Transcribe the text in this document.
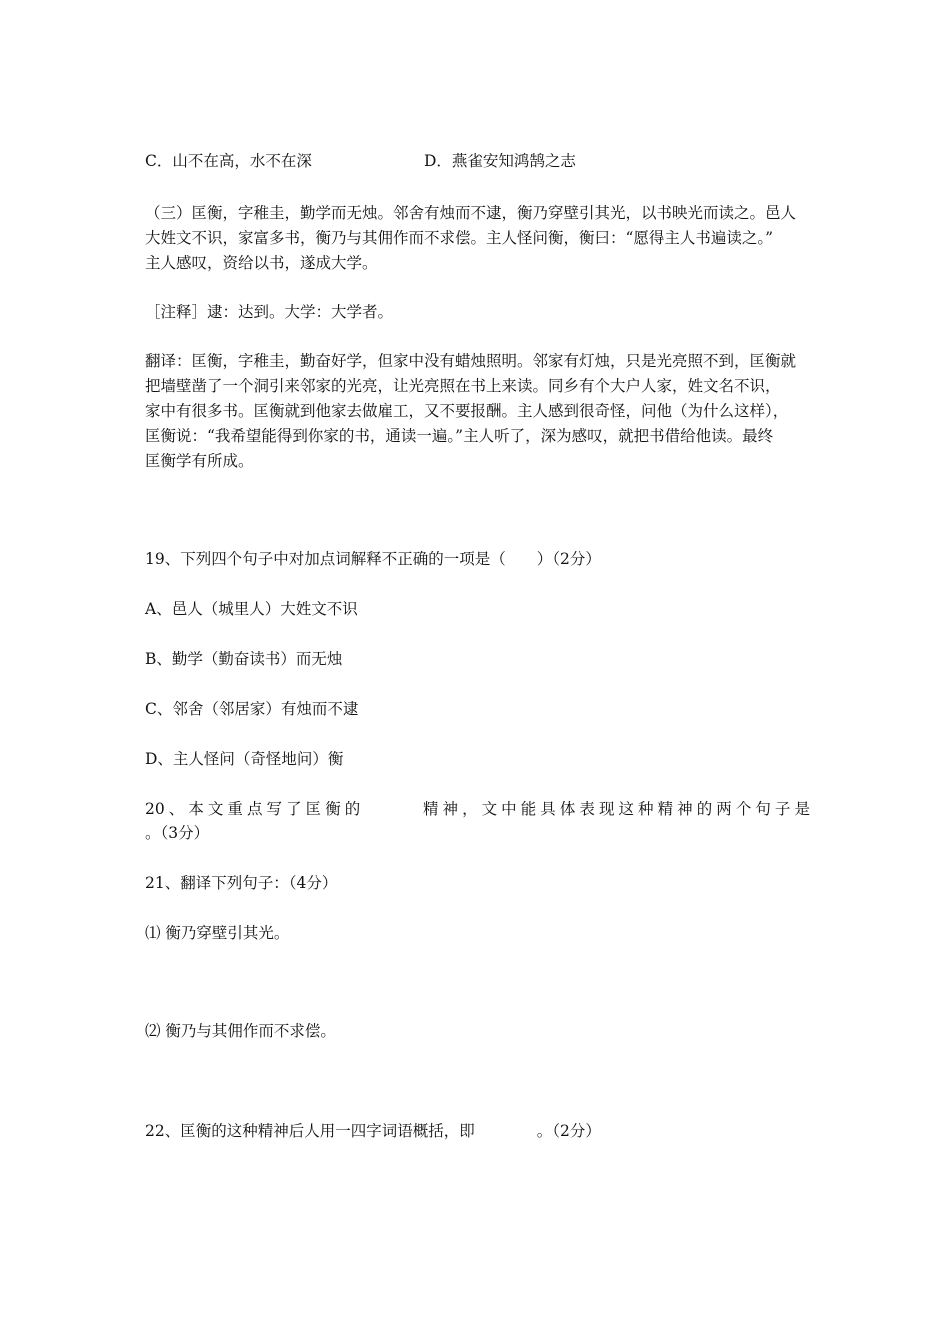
C．山不在高，水不在深	D．燕雀安知鸿鹄之志
（三）匡衡，字稚圭，勤学而无烛。邻舍有烛而不逮，衡乃穿壁引其光，以书映光而读之。邑人
大姓文不识，家富多书，衡乃与其佣作而不求偿。主人怪问衡，衡曰：“愿得主人书遍读之。”
主人感叹，资给以书，遂成大学。
［注释］逮：达到。大学：大学者。
翻译：匡衡，字稚圭，勤奋好学，但家中没有蜡烛照明。邻家有灯烛，只是光亮照不到，匡衡就
把墙壁凿了一个洞引来邻家的光亮，让光亮照在书上来读。同乡有个大户人家，姓文名不识，
家中有很多书。匡衡就到他家去做雇工，又不要报酬。主人感到很奇怪，问他（为什么这样），
匡衡说：“我希望能得到你家的书，通读一遍。”主人听了，深为感叹，就把书借给他读。最终
匡衡学有所成。
19、下列四个句子中对加点词解释不正确的一项是（　　）（2分）
A、邑人（城里人）大姓文不识
B、勤学（勤奋读书）而无烛
C、邻舍（邻居家）有烛而不逮
D、主人怪问（奇怪地问）衡
20、本文重点写了匡衡的　　　精神，文中能具体表现这种精神的两个句子是
。（3分）
21、翻译下列句子：（4分）
⑴ 衡乃穿壁引其光。
⑵ 衡乃与其佣作而不求偿。
22、匡衡的这种精神后人用一四字词语概括，即　　　　。（2分）
